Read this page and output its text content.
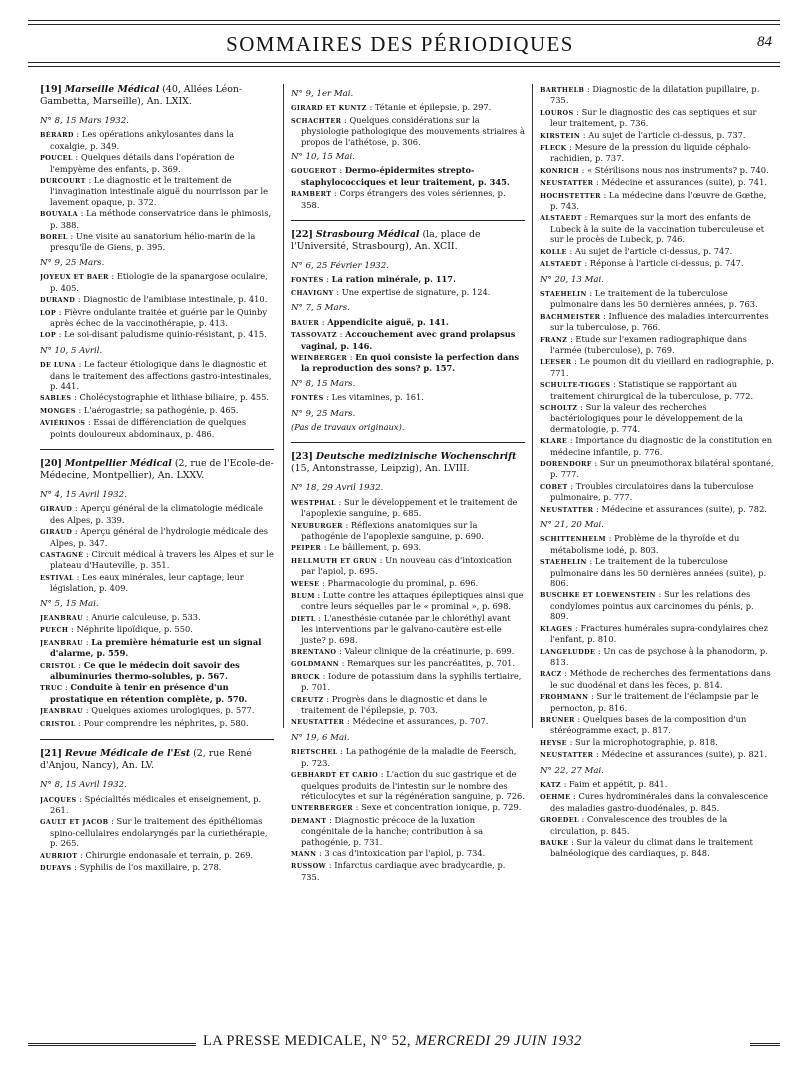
SOMMAIRES DES PÉRIODIQUES	84
[19] Marseille Médical (40, Allées Léon-Gambetta, Marseille), An. LXIX.
N° 8, 15 Mars 1932.
BÉRARD : Les opérations ankylosantes dans la coxalgie, p. 349.
POUCEL : Quelques détails dans l'opération de l'empyème des enfants, p. 369.
DURCOURT : Le diagnostic et le traitement de l'invagination intestinale aiguë du nourrisson par le lavement opaque, p. 372.
BOUYALA : La méthode conservatrice dans le phimosis, p. 388.
BOREL : Une visite au sanatorium hélio-marin de la presqu'île de Giens, p. 395.
N° 9, 25 Mars.
JOYEUX ET BAER : Etiologie de la spanargose oculaire, p. 405.
DURAND : Diagnostic de l'amibiase intestinale, p. 410.
LOP : Fièvre ondulante traitée et guérie par le Quinby après échec de la vaccinothérapie, p. 413.
LOP : Le soi-disant paludisme quinio-résistant, p. 415.
N° 10, 5 Avril.
DE LUNA : Le facteur étiologique dans le diagnostic et dans le traitement des affections gastro-intestinales, p. 441.
SABLES : Cholécystographie et lithiase biliaire, p. 455.
MONGES : L'aérogastrie; sa pathogénie, p. 465.
AVIÉRINOS : Essai de différenciation de quelques points douloureux abdominaux, p. 486.
[20] Montpellier Médical (2, rue de l'Ecole-de-Médecine, Montpellier), An. LXXV.
N° 4, 15 Avril 1932.
GIRAUD : Aperçu général de la climatologie médicale des Alpes, p. 339.
GIRAUD : Aperçu général de l'hydrologie médicale des Alpes, p. 347.
CASTAGNÉ : Circuit médical à travers les Alpes et sur le plateau d'Hauteville, p. 351.
ESTIVAL : Les eaux minérales, leur captage, leur législation, p. 409.
N° 5, 15 Mai.
JEANBRAU : Anurie calculeuse, p. 533.
PUECH : Néphrite lipoïdique, p. 550.
JEANBRAU : La première hématurie est un signal d'alarme, p. 559.
CRISTOL : Ce que le médecin doit savoir des albuminuries thermo-solubles, p. 567.
TRUC : Conduite à tenir en présence d'un prostatique en rétention complète, p. 570.
JEANBRAU : Quelques axiomes urologiques, p. 577.
CRISTOL : Pour comprendre les néphrites, p. 580.
[21] Revue Médicale de l'Est (2, rue René d'Anjou, Nancy), An. LV.
N° 8, 15 Avril 1932.
JACQUES : Spécialités médicales et enseignement, p. 261.
GAULT ET JACOB : Sur le traitement des épithéliomas spino-cellulaires endolaryngés par la curiethérapie, p. 265.
AUBRIOT : Chirurgie endonasale et terrain, p. 269.
DUFAYS : Syphilis de l'os maxillaire, p. 278.
N° 9, 1er Mai.
GIRARD ET KUNTZ : Tétanie et épilepsie, p. 297.
SCHACHTER : Quelques considérations sur la physiologie pathologique des mouvements striaires à propos de l'athétose, p. 306.
N° 10, 15 Mai.
GOUGEROT : Dermo-épidermites strepto-staphylococciques et leur traitement, p. 345.
RAMBERT : Corps étrangers des voies sériennes, p. 358.
[22] Strasbourg Médical (la, place de l'Université, Strasbourg), An. XCII.
N° 6, 25 Février 1932.
FONTÈS : La ration minérale, p. 117.
CHAVIGNY : Une expertise de signature, p. 124.
N° 7, 5 Mars.
BAUER : Appendicite aiguë, p. 141.
TASSOVATZ : Accouchement avec grand prolapsus vaginal, p. 146.
WEINBERGER : En quoi consiste la perfection dans la reproduction des sons? p. 157.
N° 8, 15 Mars.
FONTÈS : Les vitamines, p. 161.
N° 9, 25 Mars.
(Pas de travaux originaux).
[23] Deutsche medizinische Wochenschrift (15, Antonstrasse, Leipzig), An. LVIII.
N° 18, 29 Avril 1932.
WESTPHAL : Sur le développement et le traitement de l'apoplexie sanguine, p. 685.
NEUBURGER : Réflexions anatomiques sur la pathogénie de l'apoplexie sanguine, p. 690.
PEIPER : Le bâillement, p. 693.
HELLMUTH ET GRUN : Un nouveau cas d'intoxication par l'apiol, p. 695.
WEESE : Pharmacologie du prominal, p. 696.
BLUM : Lutte contre les attaques épileptiques ainsi que contre leurs séquelles par le « prominal », p. 698.
DIETL : L'anesthésie cutanée par le chloréthyl avant les interventions par le galvano-cautère est-elle juste? p. 698.
BRENTANO : Valeur clinique de la créatinurie, p. 699.
GOLDMANN : Remarques sur les pancréatites, p. 701.
BRUCK : Iodure de potassium dans la syphilis tertiaire, p. 701.
CREUTZ : Progrès dans le diagnostic et dans le traitement de l'épilepsie, p. 703.
NEUSTATTER : Médecine et assurances, p. 707.
N° 19, 6 Mai.
RIETSCHEL : La pathogénie de la maladie de Feersch, p. 723.
GEBHARDT ET CARIO : L'action du suc gastrique et de quelques produits de l'intestin sur le nombre des réticulocytes et sur la régénération sanguine, p. 726.
UNTERBERGER : Sexe et concentration ionique, p. 729.
DEMANT : Diagnostic précoce de la luxation congénitale de la hanche; contribution à sa pathogénie, p. 731.
MANN : 3 cas d'intoxication par l'apiol, p. 734.
RUSSOW : Infarctus cardiaque avec bradycardie, p. 735.
BARTHELB : Diagnostic de la dilatation pupillaire, p. 735.
LOUROS : Sur le diagnostic des cas septiques et sur leur traitement, p. 736.
KIRSTEIN : Au sujet de l'article ci-dessus, p. 737.
FLECK : Mesure de la pression du liquide céphalo-rachidien, p. 737.
KONRICH : « Stérilisons nous nos instruments? p. 740.
NEUSTATTER : Médecine et assurances (suite), p. 741.
HOCHSTETTER : La médecine dans l'œuvre de Gœthe, p. 743.
ALSTAEDT : Remarques sur la mort des enfants de Lubeck à la suite de la vaccination tuberculeuse et sur le procès de Lubeck, p. 746.
KOLLE : Au sujet de l'article ci-dessus, p. 747.
ALSTAEDT : Réponse à l'article ci-dessus, p. 747.
N° 20, 13 Mai.
STAEHELIN : Le traitement de la tuberculose pulmonaire dans les 50 dernières années, p. 763.
BACHMEISTER : Influence des maladies intercurrentes sur la tuberculose, p. 766.
FRANZ : Etude sur l'examen radiographique dans l'armée (tuberculose), p. 769.
LEESER : Le poumon dit du vieillard en radiographie, p. 771.
SCHULTE-TIGGES : Statistique se rapportant au traitement chirurgical de la tuberculose, p. 772.
SCHOLTZ : Sur la valeur des recherches bactériologiques pour le développement de la dermatologie, p. 774.
KLARE : Importance du diagnostic de la constitution en médecine infantile, p. 776.
DORENDORF : Sur un pneumothorax bilatéral spontané, p. 777.
COBET : Troubles circulatoires dans la tuberculose pulmonaire, p. 777.
NEUSTATTER : Médecine et assurances (suite), p. 782.
N° 21, 20 Mai.
SCHITTENHELM : Problème de la thyroïde et du métabolisme iodé, p. 803.
STAEHELIN : Le traitement de la tuberculose pulmonaire dans les 50 dernières années (suite), p. 806.
BUSCHKE ET LOEWENSTEIN : Sur les relations des condylomes pointus aux carcinomes du pénis, p. 809.
KLAGES : Fractures humérales supra-condylaires chez l'enfant, p. 810.
LANGELUDDE : Un cas de psychose à la phanodorm, p. 813.
RACZ : Méthode de recherches des fermentations dans le suc duodénal et dans les fèces, p. 814.
FROHMANN : Sur le traitement de l'éclampsie par le pernocton, p. 816.
BRUNER : Quelques bases de la composition d'un stéréogramme exact, p. 817.
HEYSE : Sur la microphotographie, p. 818.
NEUSTATTER : Médecine et assurances (suite), p. 821.
N° 22, 27 Mai.
KATZ : Faim et appétit, p. 841.
OEHME : Cures hydrominérales dans la convalescence des maladies gastro-duodénales, p. 845.
GROEDEL : Convalescence des troubles de la circulation, p. 845.
BAUKE : Sur la valeur du climat dans le traitement balnéologique des cardiaques, p. 848.
LA PRESSE MEDICALE, N° 52, MERCREDI 29 JUIN 1932
